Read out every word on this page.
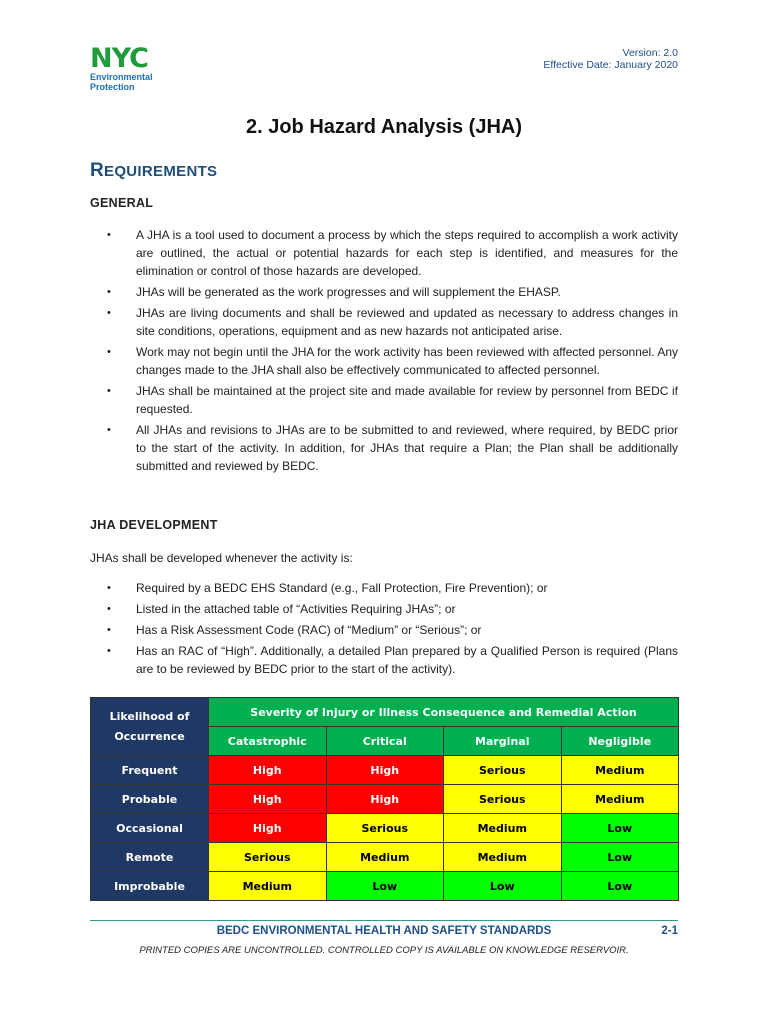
NYC
Environmental
Protection
Version: 2.0
Effective Date: January 2020
2. Job Hazard Analysis (JHA)
REQUIREMENTS
GENERAL
• A JHA is a tool used to document a process by which the steps required to accomplish a work activity are outlined, the actual or potential hazards for each step is identified, and measures for the elimination or control of those hazards are developed.
• JHAs will be generated as the work progresses and will supplement the EHASP.
• JHAs are living documents and shall be reviewed and updated as necessary to address changes in site conditions, operations, equipment and as new hazards not anticipated arise.
• Work may not begin until the JHA for the work activity has been reviewed with affected personnel. Any changes made to the JHA shall also be effectively communicated to affected personnel.
• JHAs shall be maintained at the project site and made available for review by personnel from BEDC if requested.
• All JHAs and revisions to JHAs are to be submitted to and reviewed, where required, by BEDC prior to the start of the activity. In addition, for JHAs that require a Plan; the Plan shall be additionally submitted and reviewed by BEDC.
JHA DEVELOPMENT

JHAs shall be developed whenever the activity is:

• Required by a BEDC EHS Standard (e.g., Fall Protection, Fire Prevention); or
• Listed in the attached table of “Activities Requiring JHAs”; or
• Has a Risk Assessment Code (RAC) of “Medium” or “Serious”; or
• Has an RAC of “High”. Additionally, a detailed Plan prepared by a Qualified Person is required (Plans are to be reviewed by BEDC prior to the start of the activity).
Likelihood of Occurrence	Severity of Injury or Illness Consequence and Remedial Action			
	Catastrophic	Critical	Marginal	Negligible
Frequent	High	High	Serious	Medium
Probable	High	High	Serious	Medium
Occasional	High	Serious	Medium	Low
Remote	Serious	Medium	Medium	Low
Improbable	Medium	Low	Low	Low
BEDC ENVIRONMENTAL HEALTH AND SAFETY STANDARDS	2-1
PRINTED COPIES ARE UNCONTROLLED. CONTROLLED COPY IS AVAILABLE ON KNOWLEDGE RESERVOIR.
